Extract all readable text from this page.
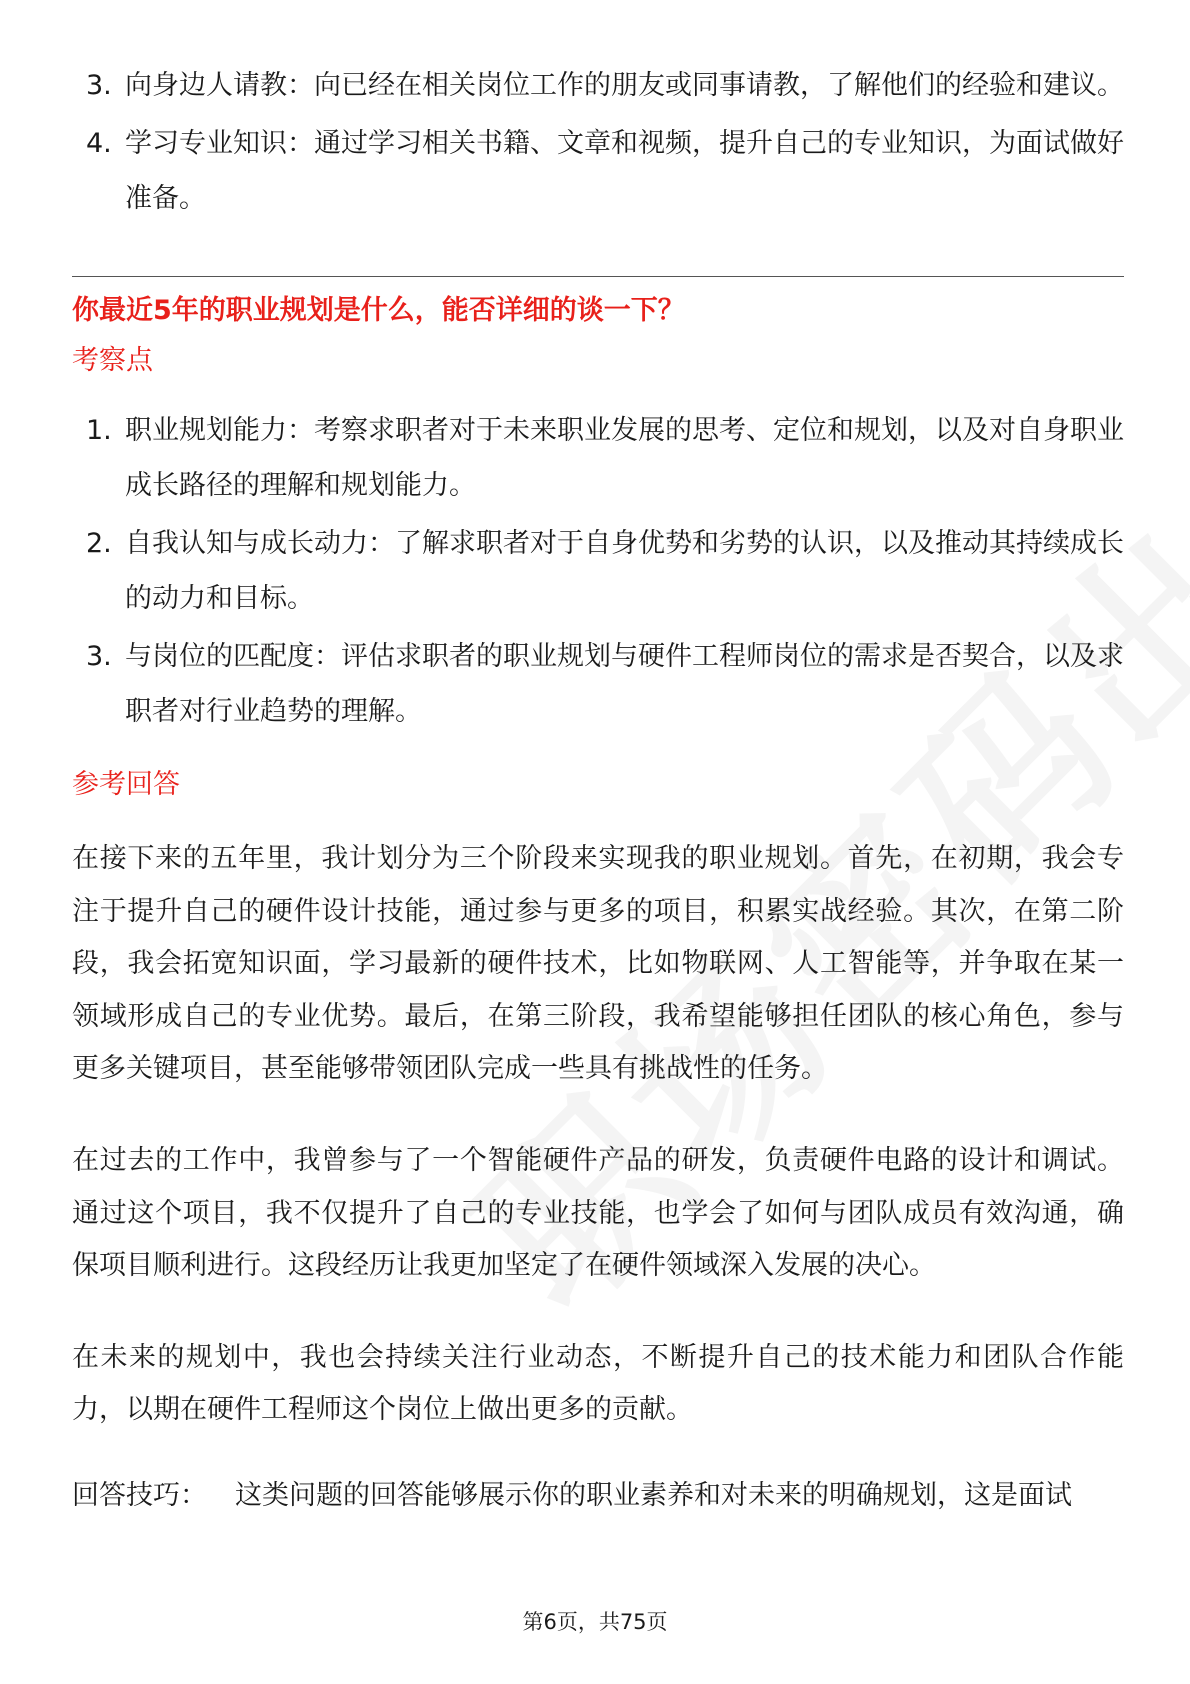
3. 向身边人请教：向已经在相关岗位工作的朋友或同事请教，了解他们的经验和建议。
4. 学习专业知识：通过学习相关书籍、文章和视频，提升自己的专业知识，为面试做好准备。
你最近5年的职业规划是什么，能否详细的谈一下？
考察点
1. 职业规划能力：考察求职者对于未来职业发展的思考、定位和规划，以及对自身职业成长路径的理解和规划能力。
2. 自我认知与成长动力：了解求职者对于自身优势和劣势的认识，以及推动其持续成长的动力和目标。
3. 与岗位的匹配度：评估求职者的职业规划与硬件工程师岗位的需求是否契合，以及求职者对行业趋势的理解。
参考回答

在接下来的五年里，我计划分为三个阶段来实现我的职业规划。首先，在初期，我会专注于提升自己的硬件设计技能，通过参与更多的项目，积累实战经验。其次，在第二阶段，我会拓宽知识面，学习最新的硬件技术，比如物联网、人工智能等，并争取在某一领域形成自己的专业优势。最后，在第三阶段，我希望能够担任团队的核心角色，参与更多关键项目，甚至能够带领团队完成一些具有挑战性的任务。

在过去的工作中，我曾参与了一个智能硬件产品的研发，负责硬件电路的设计和调试。通过这个项目，我不仅提升了自己的专业技能，也学会了如何与团队成员有效沟通，确保项目顺利进行。这段经历让我更加坚定了在硬件领域深入发展的决心。

在未来的规划中，我也会持续关注行业动态，不断提升自己的技术能力和团队合作能力，以期在硬件工程师这个岗位上做出更多的贡献。

回答技巧： 这类问题的回答能够展示你的职业素养和对未来的明确规划，这是面试

第6页，共75页
